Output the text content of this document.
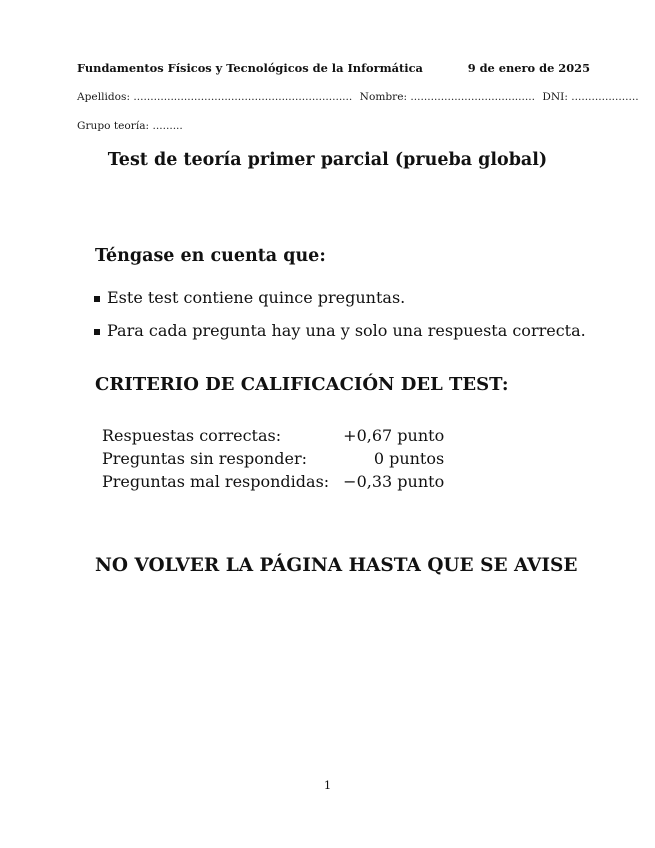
Fundamentos Físicos y Tecnológicos de la Informática	9 de enero de 2025
Apellidos: ................................................................. Nombre: ..................................... DNI: ....................
Grupo teoría: .........
Test de teoría primer parcial (prueba global)
Téngase en cuenta que:
Este test contiene quince preguntas.
Para cada pregunta hay una y solo una respuesta correcta.
CRITERIO DE CALIFICACIÓN DEL TEST:
Respuestas correctas:	+0,67 punto
Preguntas sin responder:	0 puntos
Preguntas mal respondidas:	−0,33 punto
NO VOLVER LA PÁGINA HASTA QUE SE AVISE
1
